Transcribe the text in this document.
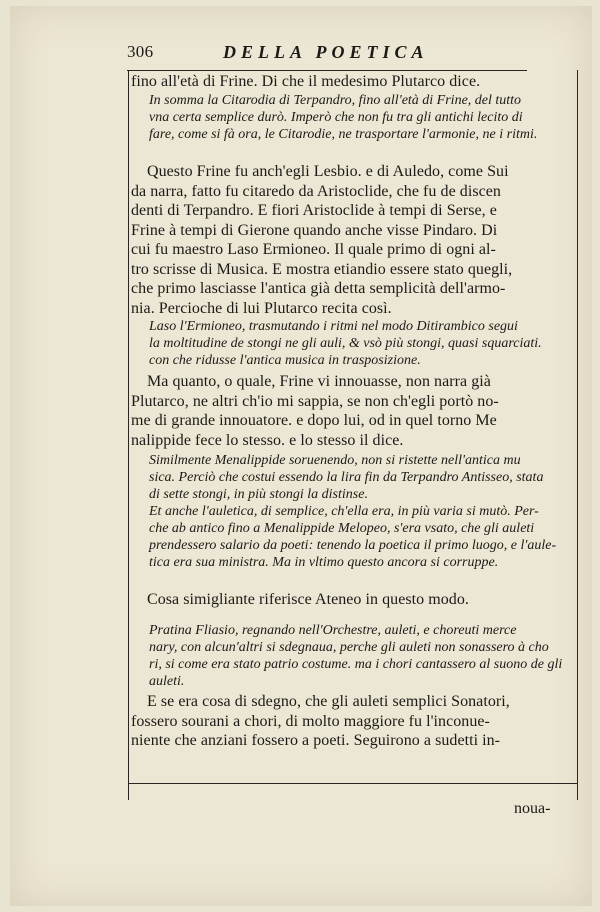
306	DELLA POETICA
fino all'età di Frine. Di che il medesimo Plutarco dice.
In somma la Citarodia di Terpandro, fino all'età di Frine, del tutto
vna certa semplice durò. Imperò che non fu tra gli antichi lecito di
fare, come si fà ora, le Citarodie, ne trasportare l'armonie, ne i ritmi.
Questo Frine fu anch'egli Lesbio. e di Auledo, come Sui
da narra, fatto fu citaredo da Aristoclide, che fu de discen
denti di Terpandro. E fiori Aristoclide à tempi di Serse, e
Frine à tempi di Gierone quando anche visse Pindaro. Di
cui fu maestro Laso Ermioneo. Il quale primo di ogni al-
tro scrisse di Musica. E mostra etiandio essere stato quegli,
che primo lasciasse l'antica già detta semplicità dell'armo-
nia. Percioche di lui Plutarco recita così.
Laso l'Ermioneo, trasmutando i ritmi nel modo Ditirambico segui
la moltitudine de stongi ne gli auli, & vsò più stongi, quasi squarciati.
con che ridusse l'antica musica in trasposizione.
Ma quanto, o quale, Frine vi innouasse, non narra già
Plutarco, ne altri ch'io mi sappia, se non ch'egli portò no-
me di grande innouatore. e dopo lui, od in quel torno Me
nalippide fece lo stesso. e lo stesso il dice.
Similmente Menalippide soruenendo, non si ristette nell'antica mu
sica. Perciò che costui essendo la lira fin da Terpandro Antisseo, stata
di sette stongi, in più stongi la distinse.
Et anche l'auletica, di semplice, ch'ella era, in più varia si mutò. Per-
che ab antico fino a Menalippide Melopeo, s'era vsato, che gli auleti
prendessero salario da poeti: tenendo la poetica il primo luogo, e l'aule-
tica era sua ministra. Ma in vltimo questo ancora si corruppe.
Cosa simigliante riferisce Ateneo in questo modo.
Pratina Fliasio, regnando nell'Orchestre, auleti, e choreuti merce
nary, con alcun'altri si sdegnaua, perche gli auleti non sonassero à cho
ri, si come era stato patrio costume. ma i chori cantassero al suono de gli
auleti.
E se era cosa di sdegno, che gli auleti semplici Sonatori,
fossero sourani a chori, di molto maggiore fu l'inconue-
niente che anziani fossero a poeti. Seguirono a sudetti in-
noua-
